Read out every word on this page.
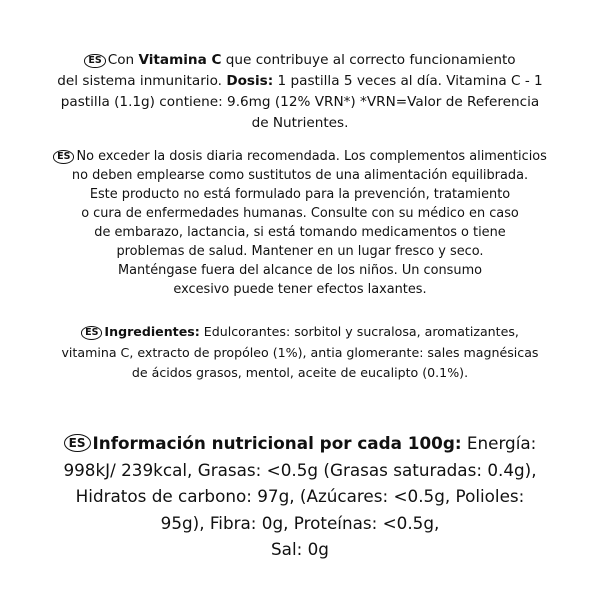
ES Con Vitamina C que contribuye al correcto funcionamiento
del sistema inmunitario. Dosis: 1 pastilla 5 veces al día. Vitamina C - 1
pastilla (1.1g) contiene: 9.6mg (12% VRN*) *VRN=Valor de Referencia
de Nutrientes.
ES No exceder la dosis diaria recomendada. Los complementos alimenticios
no deben emplearse como sustitutos de una alimentación equilibrada.
Este producto no está formulado para la prevención, tratamiento
o cura de enfermedades humanas. Consulte con su médico en caso
de embarazo, lactancia, si está tomando medicamentos o tiene
problemas de salud. Mantener en un lugar fresco y seco.
Manténgase fuera del alcance de los niños. Un consumo
excesivo puede tener efectos laxantes.
ES Ingredientes: Edulcorantes: sorbitol y sucralosa, aromatizantes,
vitamina C, extracto de propóleo (1%), antia glomerante: sales magnésicas
de ácidos grasos, mentol, aceite de eucalipto (0.1%).
ES Información nutricional por cada 100g: Energía:
998kJ/ 239kcal, Grasas: <0.5g (Grasas saturadas: 0.4g),
Hidratos de carbono: 97g, (Azúcares: <0.5g, Polioles:
95g), Fibra: 0g, Proteínas: <0.5g,
Sal: 0g
